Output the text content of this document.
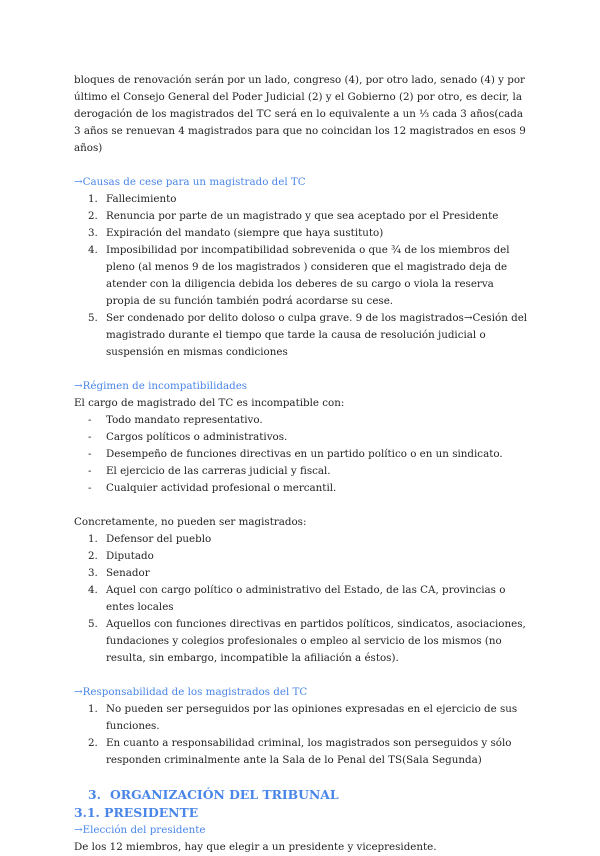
bloques de renovación serán por un lado, congreso (4), por otro lado, senado (4) y por último el Consejo General del Poder Judicial (2) y el Gobierno (2) por otro, es decir, la derogación de los magistrados del TC será en lo equivalente a un ⅓ cada 3 años(cada 3 años se renuevan 4 magistrados para que no coincidan los 12 magistrados en esos 9 años)

→Causas de cese para un magistrado del TC

1. Fallecimiento
2. Renuncia por parte de un magistrado y que sea aceptado por el Presidente
3. Expiración del mandato (siempre que haya sustituto)
4. Imposibilidad por incompatibilidad sobrevenida o que ¾ de los miembros del pleno (al menos 9 de los magistrados ) consideren que el magistrado deja de atender con la diligencia debida los deberes de su cargo o viola la reserva propia de su función también podrá acordarse su cese.
5. Ser condenado por delito doloso o culpa grave. 9 de los magistrados→Cesión del magistrado durante el tiempo que tarde la causa de resolución judicial o suspensión en mismas condiciones

→Régimen de incompatibilidades

El cargo de magistrado del TC es incompatible con:

- Todo mandato representativo.
- Cargos políticos o administrativos.
- Desempeño de funciones directivas en un partido político o en un sindicato.
- El ejercicio de las carreras judicial y fiscal.
- Cualquier actividad profesional o mercantil.

Concretamente, no pueden ser magistrados:

1. Defensor del pueblo
2. Diputado
3. Senador
4. Aquel con cargo político o administrativo del Estado, de las CA, provincias o entes locales
5. Aquellos con funciones directivas en partidos políticos, sindicatos, asociaciones, fundaciones y colegios profesionales o empleo al servicio de los mismos (no resulta, sin embargo, incompatible la afiliación a éstos).

→Responsabilidad de los magistrados del TC

1. No pueden ser perseguidos por las opiniones expresadas en el ejercicio de sus funciones.
2. En cuanto a responsabilidad criminal, los magistrados son perseguidos y sólo responden criminalmente ante la Sala de lo Penal del TS(Sala Segunda)

3. ORGANIZACIÓN DEL TRIBUNAL

3.1. PRESIDENTE

→Elección del presidente

De los 12 miembros, hay que elegir a un presidente y vicepresidente.
